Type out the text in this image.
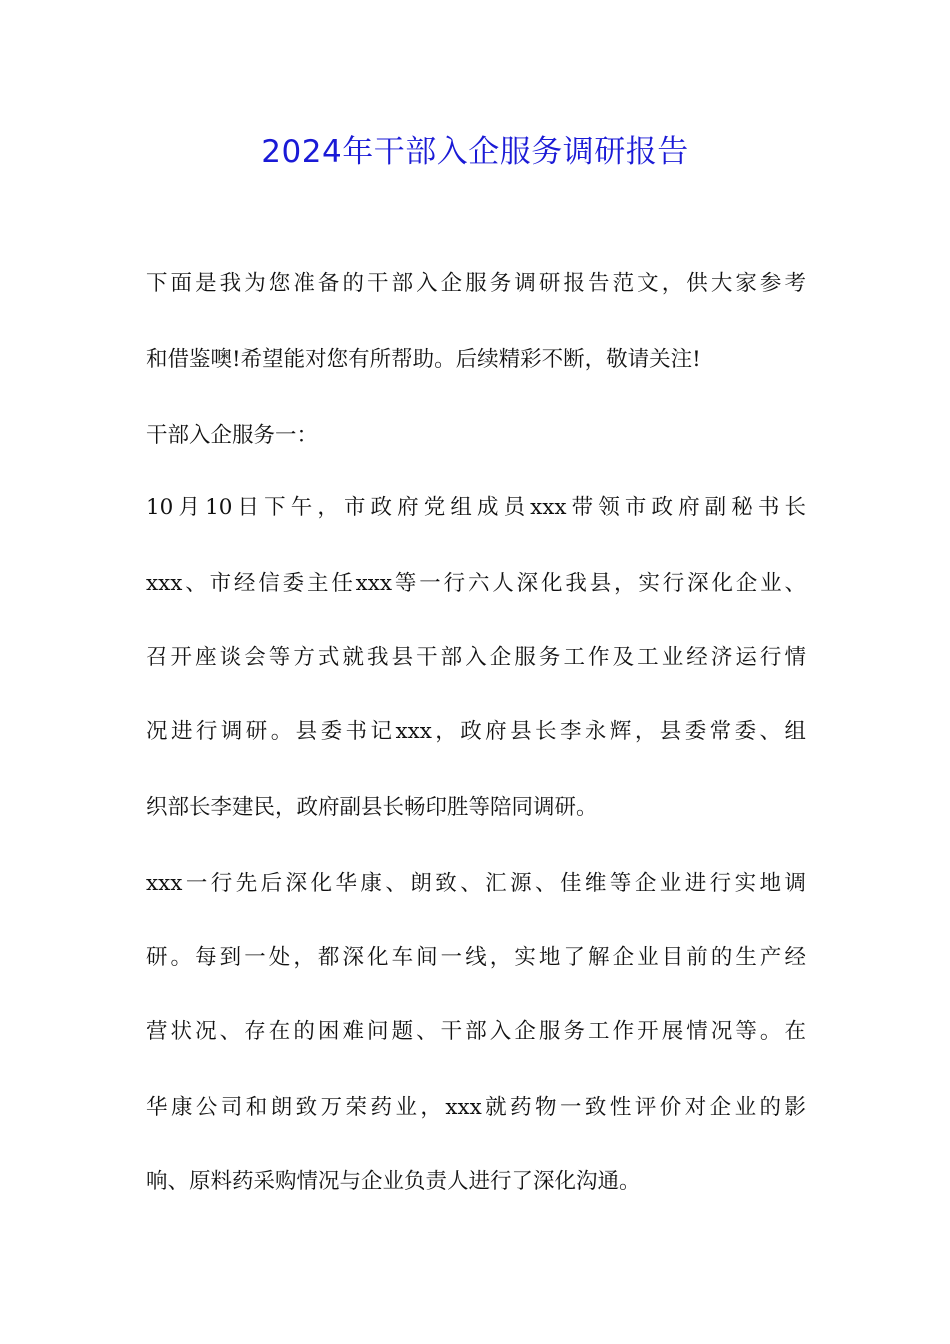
2024年干部入企服务调研报告
下面是我为您准备的干部入企服务调研报告范文，供大家参考
和借鉴噢!希望能对您有所帮助。后续精彩不断，敬请关注!
干部入企服务一：
10月10日下午，市政府党组成员xxx带领市政府副秘书长
xxx、市经信委主任xxx等一行六人深化我县，实行深化企业、
召开座谈会等方式就我县干部入企服务工作及工业经济运行情
况进行调研。县委书记xxx，政府县长李永辉，县委常委、组
织部长李建民，政府副县长畅印胜等陪同调研。
xxx一行先后深化华康、朗致、汇源、佳维等企业进行实地调
研。每到一处，都深化车间一线，实地了解企业目前的生产经
营状况、存在的困难问题、干部入企服务工作开展情况等。在
华康公司和朗致万荣药业，xxx就药物一致性评价对企业的影
响、原料药采购情况与企业负责人进行了深化沟通。
